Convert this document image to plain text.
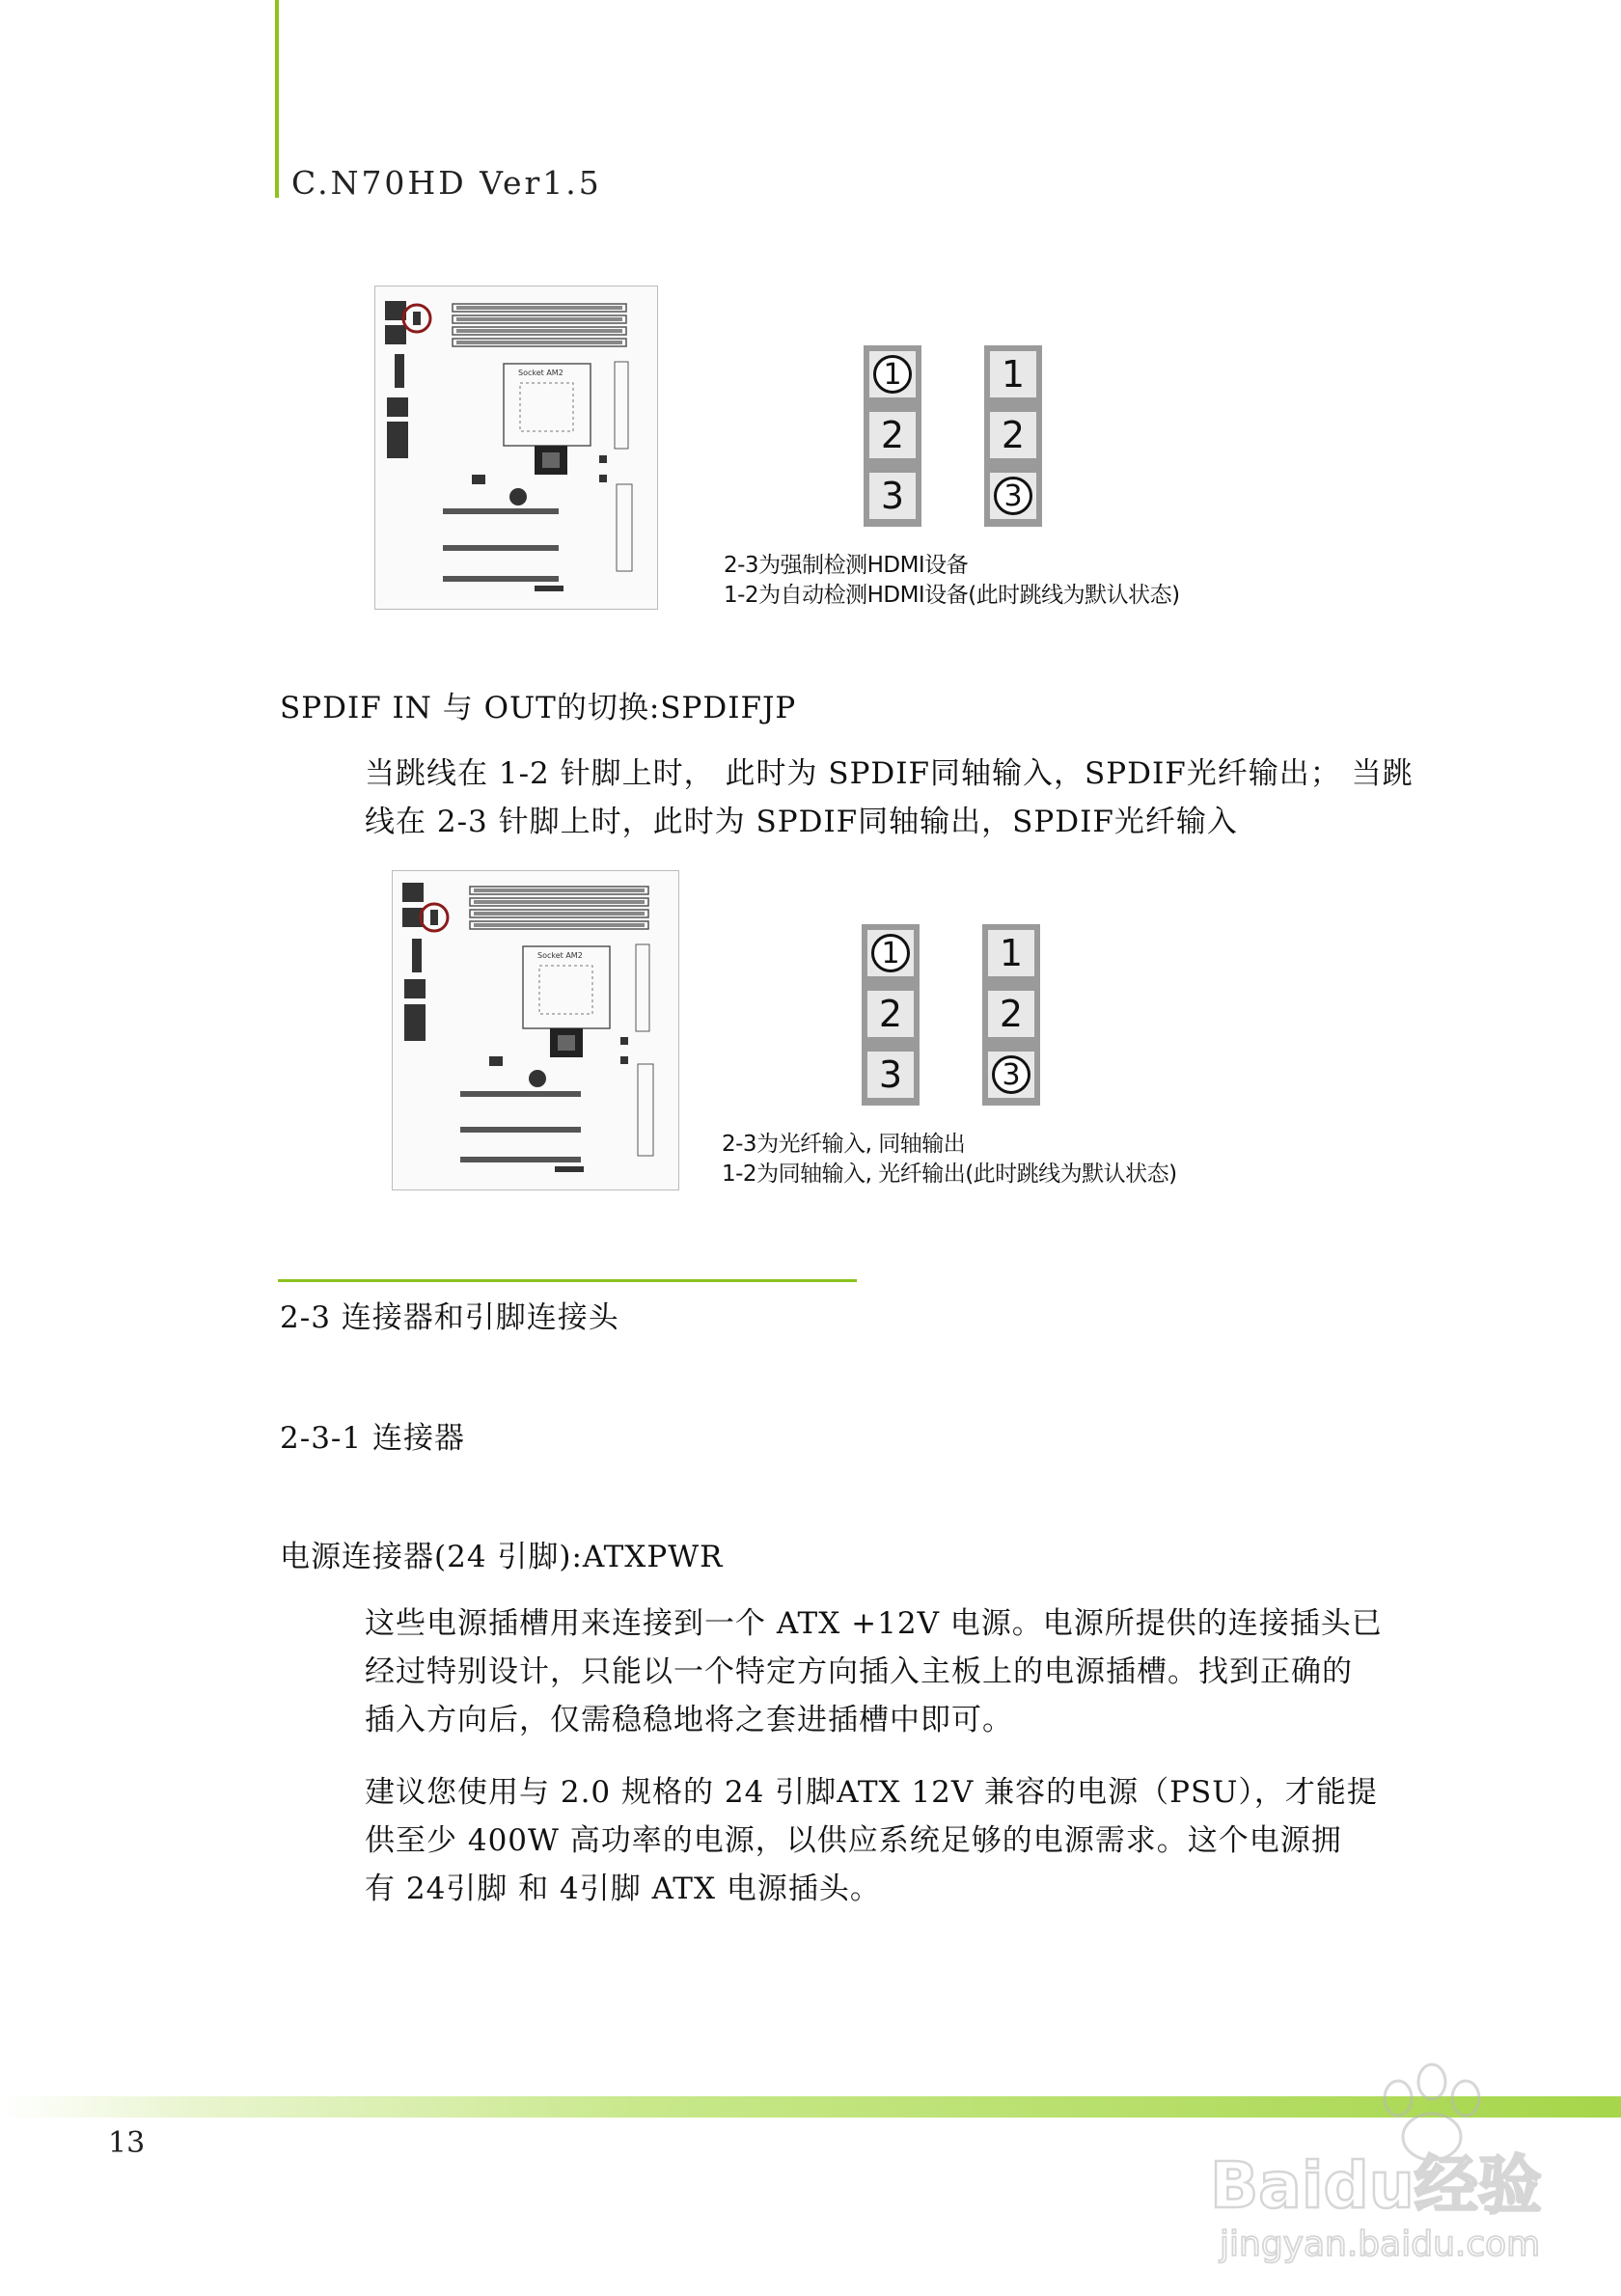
C.N70HD Ver1.5
Socket AM2	1
2
3
1
2
3
2-3为强制检测HDMI设备
1-2为自动检测HDMI设备(此时跳线为默认状态)
SPDIF IN 与 OUT的切换:SPDIFJP

当跳线在 1-2 针脚上时， 此时为 SPDIF同轴输入，SPDIF光纤输出； 当跳

线在 2-3 针脚上时，此时为 SPDIF同轴输出，SPDIF光纤输入

Socket AM2	1
2
3
1
2
3
2-3为光纤输入, 同轴输出
1-2为同轴输入, 光纤输出(此时跳线为默认状态)
2-3 连接器和引脚连接头
2-3-1 连接器
电源连接器(24 引脚):ATXPWR

这些电源插槽用来连接到一个 ATX +12V 电源。电源所提供的连接插头已

经过特别设计，只能以一个特定方向插入主板上的电源插槽。找到正确的

插入方向后，仅需稳稳地将之套进插槽中即可。

建议您使用与 2.0 规格的 24 引脚ATX 12V 兼容的电源（PSU），才能提

供至少 400W 高功率的电源，以供应系统足够的电源需求。这个电源拥

有 24引脚 和 4引脚 ATX 电源插头。

13
Baidu经验
jingyan.baidu.com
